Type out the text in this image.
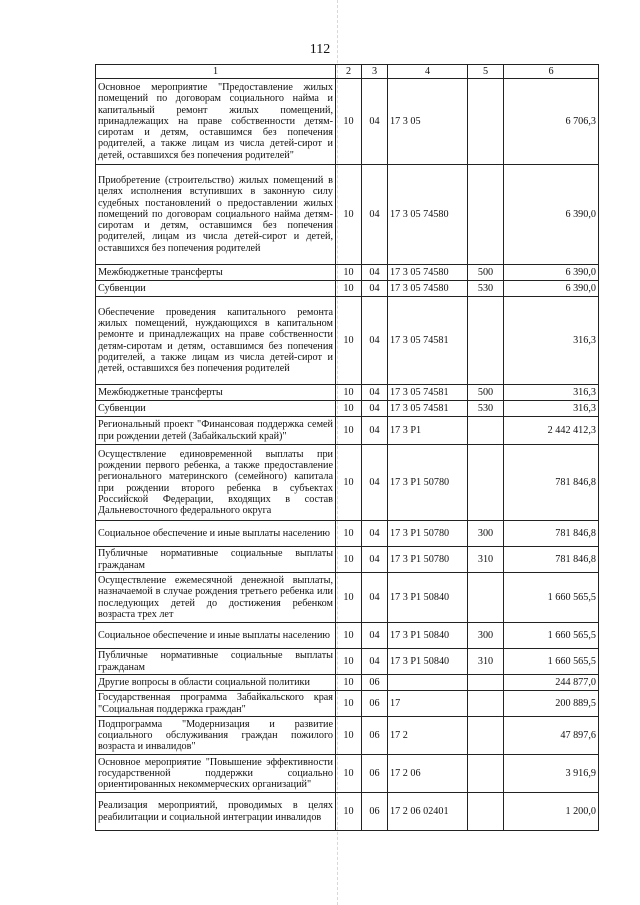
112
1	2	3	4	5	6
Основное мероприятие "Предоставление жилых помещений по договорам социального найма и капитальный ремонт жилых помещений, принадлежащих на праве собственности детям-сиротам и детям, оставшимся без попечения родителей, а также лицам из числа детей-сирот и детей, оставшихся без попечения родителей"	10	04	17 3 05		6 706,3
Приобретение (строительство) жилых помещений в целях исполнения вступивших в законную силу судебных постановлений о предоставлении жилых помещений по договорам социального найма детям-сиротам и детям, оставшимся без попечения родителей, лицам из числа детей-сирот и детей, оставшихся без попечения родителей	10	04	17 3 05 74580		6 390,0
Межбюджетные трансферты	10	04	17 3 05 74580	500	6 390,0
Субвенции	10	04	17 3 05 74580	530	6 390,0
Обеспечение проведения капитального ремонта жилых помещений, нуждающихся в капитальном ремонте и принадлежащих на праве собственности детям-сиротам и детям, оставшимся без попечения родителей, а также лицам из числа детей-сирот и детей, оставшихся без попечения родителей	10	04	17 3 05 74581		316,3
Межбюджетные трансферты	10	04	17 3 05 74581	500	316,3
Субвенции	10	04	17 3 05 74581	530	316,3
Региональный проект "Финансовая поддержка семей при рождении детей (Забайкальский край)"	10	04	17 3 P1		2 442 412,3
Осуществление единовременной выплаты при рождении первого ребенка, а также предоставление регионального материнского (семейного) капитала при рождении второго ребенка в субъектах Российской Федерации, входящих в состав Дальневосточного федерального округа	10	04	17 3 P1 50780		781 846,8
Социальное обеспечение и иные выплаты населению	10	04	17 3 P1 50780	300	781 846,8
Публичные нормативные социальные выплаты гражданам	10	04	17 3 P1 50780	310	781 846,8
Осуществление ежемесячной денежной выплаты, назначаемой в случае рождения третьего ребенка или последующих детей до достижения ребенком возраста трех лет	10	04	17 3 P1 50840		1 660 565,5
Социальное обеспечение и иные выплаты населению	10	04	17 3 P1 50840	300	1 660 565,5
Публичные нормативные социальные выплаты гражданам	10	04	17 3 P1 50840	310	1 660 565,5
Другие вопросы в области социальной политики	10	06			244 877,0
Государственная программа Забайкальского края "Социальная поддержка граждан"	10	06	17		200 889,5
Подпрограмма "Модернизация и развитие социального обслуживания граждан пожилого возраста и инвалидов"	10	06	17 2		47 897,6
Основное мероприятие "Повышение эффективности государственной поддержки социально ориентированных некоммерческих организаций"	10	06	17 2 06		3 916,9
Реализация мероприятий, проводимых в целях реабилитации и социальной интеграции инвалидов	10	06	17 2 06 02401		1 200,0
